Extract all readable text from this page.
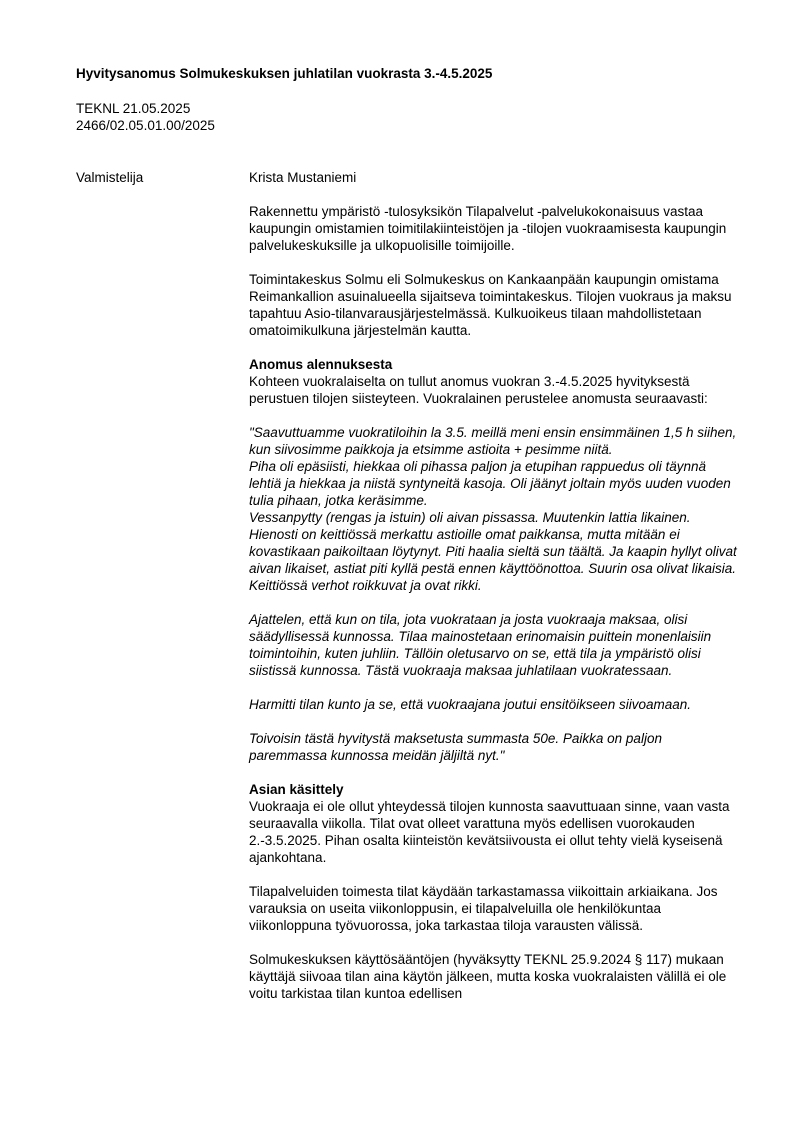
Hyvitysanomus Solmukeskuksen juhlatilan vuokrasta 3.-4.5.2025
TEKNL 21.05.2025
2466/02.05.01.00/2025
Valmistelija	Krista Mustaniemi

Rakennettu ympäristö -tulosyksikön Tilapalvelut -palvelukokonaisuus vastaa kaupungin omistamien toimitilakiinteistöjen ja -tilojen vuokraamisesta kaupungin palvelukeskuksille ja ulkopuolisille toimijoille.

Toimintakeskus Solmu eli Solmukeskus on Kankaanpään kaupungin omistama Reimankallion asuinalueella sijaitseva toimintakeskus. Tilojen vuokraus ja maksu tapahtuu Asio-tilanvarausjärjestelmässä. Kulkuoikeus tilaan mahdollistetaan omatoimikulkuna järjestelmän kautta.

Anomus alennuksesta

Kohteen vuokralaiselta on tullut anomus vuokran 3.-4.5.2025 hyvityksestä perustuen tilojen siisteyteen. Vuokralainen perustelee anomusta seuraavasti:

"Saavuttuamme vuokratiloihin la 3.5. meillä meni ensin ensimmäinen 1,5 h siihen, kun siivosimme paikkoja ja etsimme astioita + pesimme niitä.
Piha oli epäsiisti, hiekkaa oli pihassa paljon ja etupihan rappuedus oli täynnä lehtiä ja hiekkaa ja niistä syntyneitä kasoja. Oli jäänyt joltain myös uuden vuoden tulia pihaan, jotka keräsimme.
Vessanpytty (rengas ja istuin) oli aivan pissassa. Muutenkin lattia likainen. Hienosti on keittiössä merkattu astioille omat paikkansa, mutta mitään ei kovastikaan paikoiltaan löytynyt. Piti haalia sieltä sun täältä. Ja kaapin hyllyt olivat aivan likaiset, astiat piti kyllä pestä ennen käyttöönottoa. Suurin osa olivat likaisia.
Keittiössä verhot roikkuvat ja ovat rikki.

Ajattelen, että kun on tila, jota vuokrataan ja josta vuokraaja maksaa, olisi säädyllisessä kunnossa. Tilaa mainostetaan erinomaisin puittein monenlaisiin toimintoihin, kuten juhliin. Tällöin oletusarvo on se, että tila ja ympäristö olisi siistissä kunnossa. Tästä vuokraaja maksaa juhlatilaan vuokratessaan.

Harmitti tilan kunto ja se, että vuokraajana joutui ensitöikseen siivoamaan.

Toivoisin tästä hyvitystä maksetusta summasta 50e. Paikka on paljon paremmassa kunnossa meidän jäljiltä nyt."

Asian käsittely

Vuokraaja ei ole ollut yhteydessä tilojen kunnosta saavuttuaan sinne, vaan vasta seuraavalla viikolla. Tilat ovat olleet varattuna myös edellisen vuorokauden 2.-3.5.2025. Pihan osalta kiinteistön kevätsiivousta ei ollut tehty vielä kyseisenä ajankohtana.

Tilapalveluiden toimesta tilat käydään tarkastamassa viikoittain arkiaikana. Jos varauksia on useita viikonloppusin, ei tilapalveluilla ole henkilökuntaa viikonloppuna työvuorossa, joka tarkastaa tiloja varausten välissä.

Solmukeskuksen käyttösääntöjen (hyväksytty TEKNL 25.9.2024 § 117) mukaan käyttäjä siivoaa tilan aina käytön jälkeen, mutta koska vuokralaisten välillä ei ole voitu tarkistaa tilan kuntoa edellisen
